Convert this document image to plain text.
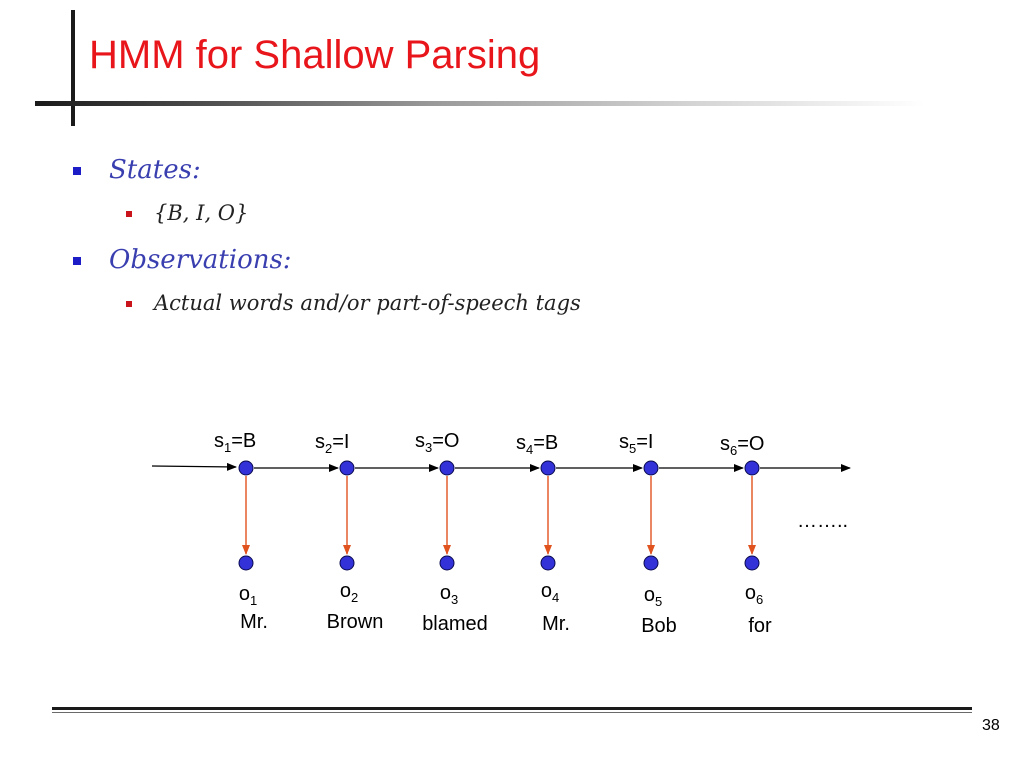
HMM for Shallow Parsing
States:
{B, I, O}
Observations:
Actual words and/or part-of-speech tags
$s_1=B$
$o_1$
Mr.
$s_2=I$
$o_2$
Brown
$s_3=O$
$o_3$
blamed
$s_4=B$
$o_4$
Mr.
$s_5=I$
$o_5$
Bob
$s_6=O$
$o_6$
for
……..
38
